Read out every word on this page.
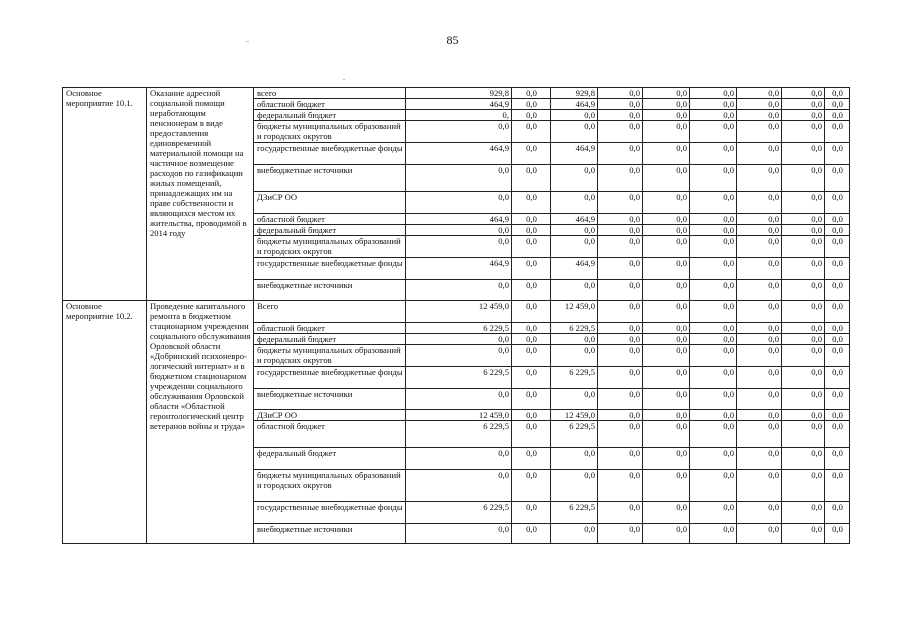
85
Основное мероприятие 10.1.	Оказание адресной социальной помощи неработающим пенсионерам в виде предоставления единовременной материальной помощи на частичное возмещение расходов по газификации жилых помещений, принадлежащих им на праве собственности и являющихся местом их жительства, проводимой в 2014 году	всего	929,8	0,0	929,8	0,0	0,0	0,0	0,0	0,0	0,0
		областной бюджет	464,9	0,0	464,9	0,0	0,0	0,0	0,0	0,0	0,0
		федеральный бюджет	0,	0,0	0,0	0,0	0,0	0,0	0,0	0,0	0,0
		бюджеты муниципальных образований и городских округов	0,0	0,0	0,0	0,0	0,0	0,0	0,0	0,0	0,0
		государственные внебюджетные фонды	464,9	0,0	464,9	0,0	0,0	0,0	0,0	0,0	0,0
		внебюджетные источники	0,0	0,0	0,0	0,0	0,0	0,0	0,0	0,0	0,0
		ДЗиСР ОО	0,0	0,0	0,0	0,0	0,0	0,0	0,0	0,0	0,0
		областной бюджет	464,9	0,0	464,9	0,0	0,0	0,0	0,0	0,0	0,0
		федеральный бюджет	0,0	0,0	0,0	0,0	0,0	0,0	0,0	0,0	0,0
		бюджеты муниципальных образований и городских округов	0,0	0,0	0,0	0,0	0,0	0,0	0,0	0,0	0,0
		государственные внебюджетные фонды	464,9	0,0	464,9	0,0	0,0	0,0	0,0	0,0	0,0
		внебюджетные источники	0,0	0,0	0,0	0,0	0,0	0,0	0,0	0,0	0,0
Основное мероприятие 10.2.	Проведение капитального ремонта в бюджетном стационарном учреждении социального обслуживания Орловской области «Добринский психоневро-логический интернат» и в бюджетном стационарном учреждении социального обслуживания Орловской области «Областной геронтологический центр ветеранов войны и труда»	Всего	12 459,0	0,0	12 459,0	0,0	0,0	0,0	0,0	0,0	0,0
		областной бюджет	6 229,5	0,0	6 229,5	0,0	0,0	0,0	0,0	0,0	0,0
		федеральный бюджет	0,0	0,0	0,0	0,0	0,0	0,0	0,0	0,0	0,0
		бюджеты муниципальных образований и городских округов	0,0	0,0	0,0	0,0	0,0	0,0	0,0	0,0	0,0
		государственные внебюджетные фонды	6 229,5	0,0	6 229,5	0,0	0,0	0,0	0,0	0,0	0,0
		внебюджетные источники	0,0	0,0	0,0	0,0	0,0	0,0	0,0	0,0	0,0
		ДЗиСР ОО	12 459,0	0,0	12 459,0	0,0	0,0	0,0	0,0	0,0	0,0
		областной бюджет	6 229,5	0,0	6 229,5	0,0	0,0	0,0	0,0	0,0	0,0
		федеральный бюджет	0,0	0,0	0,0	0,0	0,0	0,0	0,0	0,0	0,0
		бюджеты муниципальных образований и городских округов	0,0	0,0	0,0	0,0	0,0	0,0	0,0	0,0	0,0
		государственные внебюджетные фонды	6 229,5	0,0	6 229,5	0,0	0,0	0,0	0,0	0,0	0,0
		внебюджетные источники	0,0	0,0	0,0	0,0	0,0	0,0	0,0	0,0	0,0
